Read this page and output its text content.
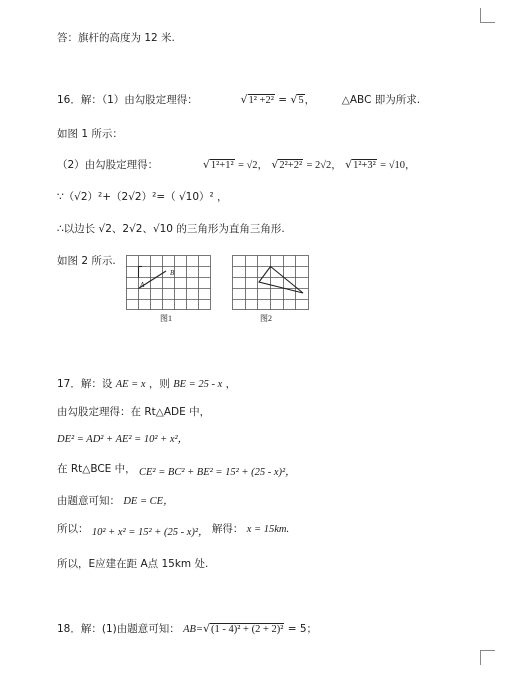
答：旗杆的高度为 12 米.
16．解：（1）由勾股定理得：	√1² +2² = √5，  △ABC 即为所求.
如图 1 所示：
（2）由勾股定理得：	√1²+1² = √2， √2²+2² = 2√2， √1²+3² = √10，
∵（√2）²+（2√2）²=（ √10）² ，
∴以边长 √2、2√2、√10 的三角形为直角三角形.
如图 2 所示.
A
B
图1	图2
17．解：设 AE = x ，则 BE = 25 - x ，
由勾股定理得：在 Rt△ADE 中，
DE² = AD² + AE² = 10² + x²，
在 Rt△BCE 中， CE² = BC² + BE² = 15² + (25 - x)²，
由题意可知： DE = CE，
所以： 10² + x² = 15² + (25 - x)²， 解得： x = 15km.
所以，E应建在距 A点 15km 处.
18．解：(1)由题意可知： AB=√(1 - 4)² + (2 + 2)² = 5；
